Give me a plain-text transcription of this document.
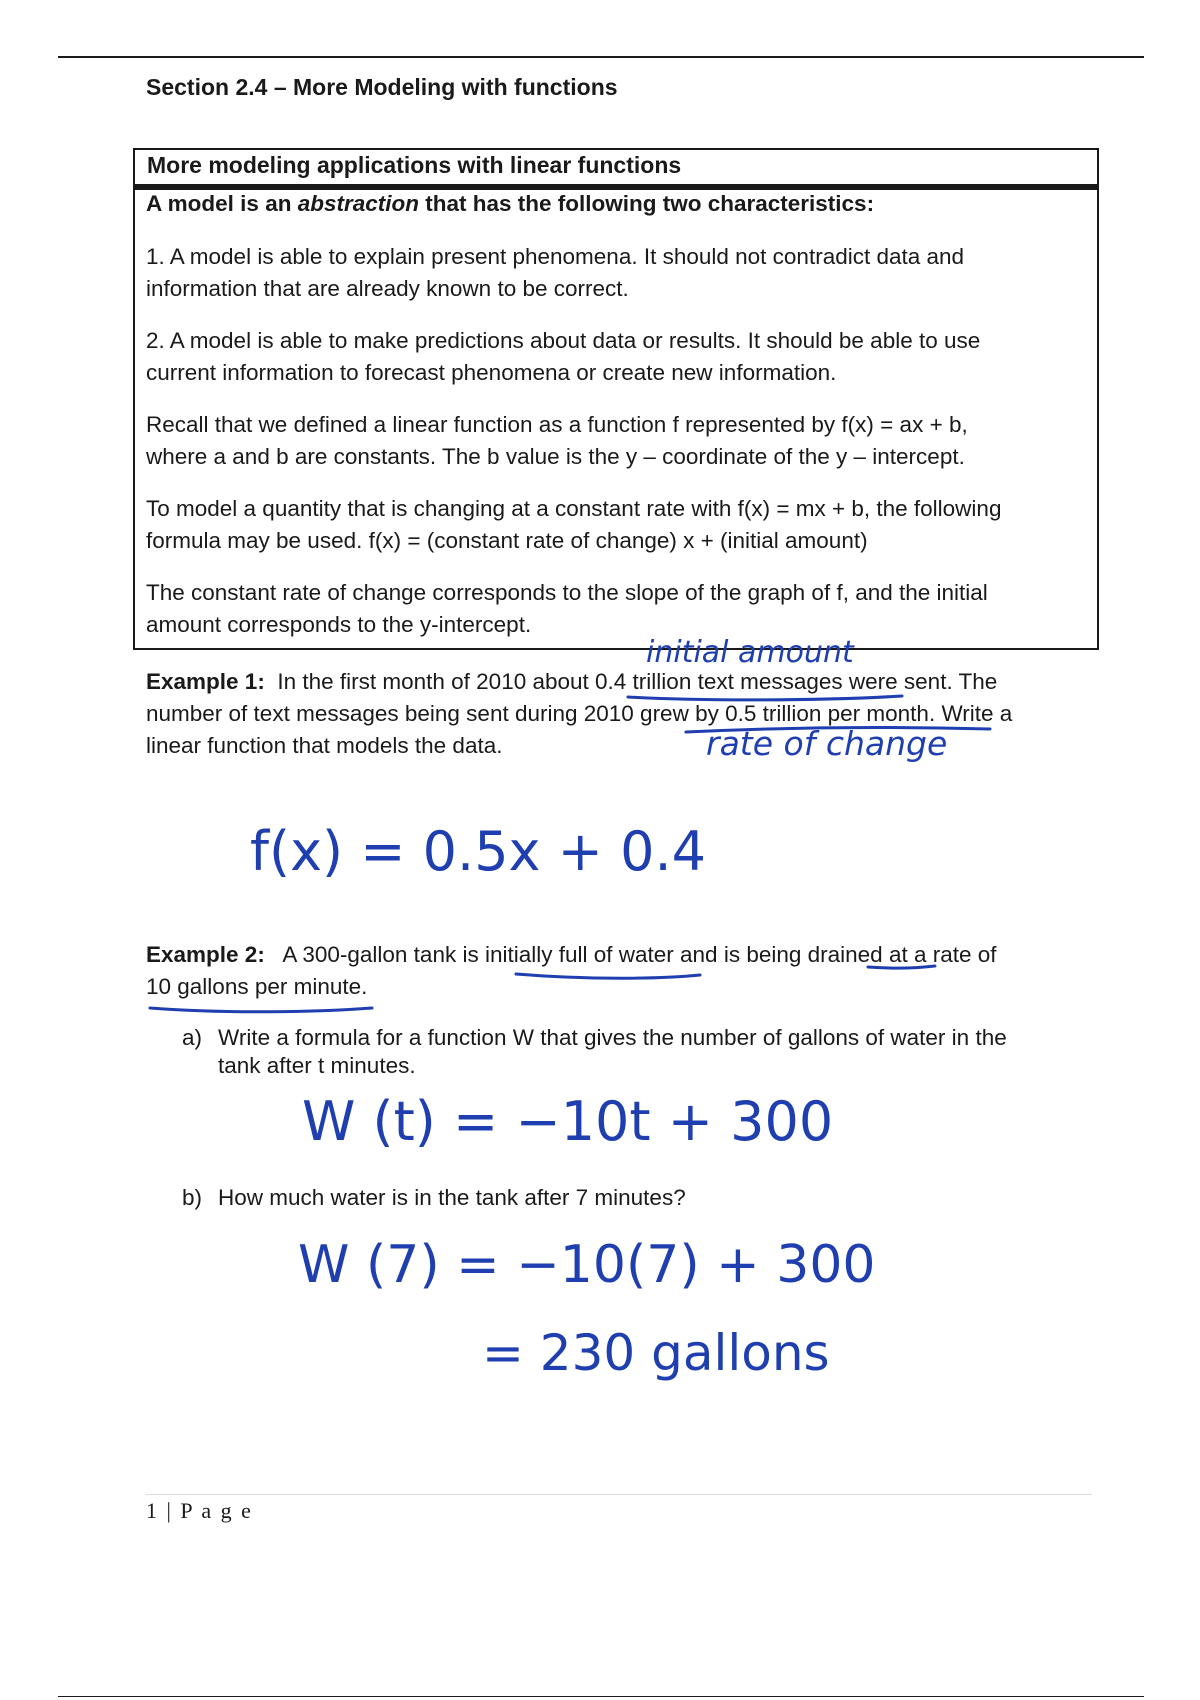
Section 2.4 – More Modeling with functions
More modeling applications with linear functions
A model is an abstraction that has the following two characteristics:
1. A model is able to explain present phenomena. It should not contradict data and
information that are already known to be correct.
2. A model is able to make predictions about data or results. It should be able to use
current information to forecast phenomena or create new information.
Recall that we defined a linear function as a function f represented by f(x) = ax + b,
where a and b are constants. The b value is the y – coordinate of the y – intercept.
To model a quantity that is changing at a constant rate with f(x) = mx + b, the following
formula may be used. f(x) = (constant rate of change) x + (initial amount)
The constant rate of change corresponds to the slope of the graph of f, and the initial
amount corresponds to the y-intercept.
Example 1: In the first month of 2010 about 0.4 trillion text messages were sent. The
number of text messages being sent during 2010 grew by 0.5 trillion per month. Write a
linear function that models the data.
Example 2: A 300-gallon tank is initially full of water and is being drained at a rate of
10 gallons per minute.
a) Write a formula for a function W that gives the number of gallons of water in the
tank after t minutes.
b) How much water is in the tank after 7 minutes?
initial amount
rate of change
f(x) = 0.5x + 0.4
W (t) = −10t + 300
W (7) = −10(7) + 300
= 230 gallons
1 | P a g e
